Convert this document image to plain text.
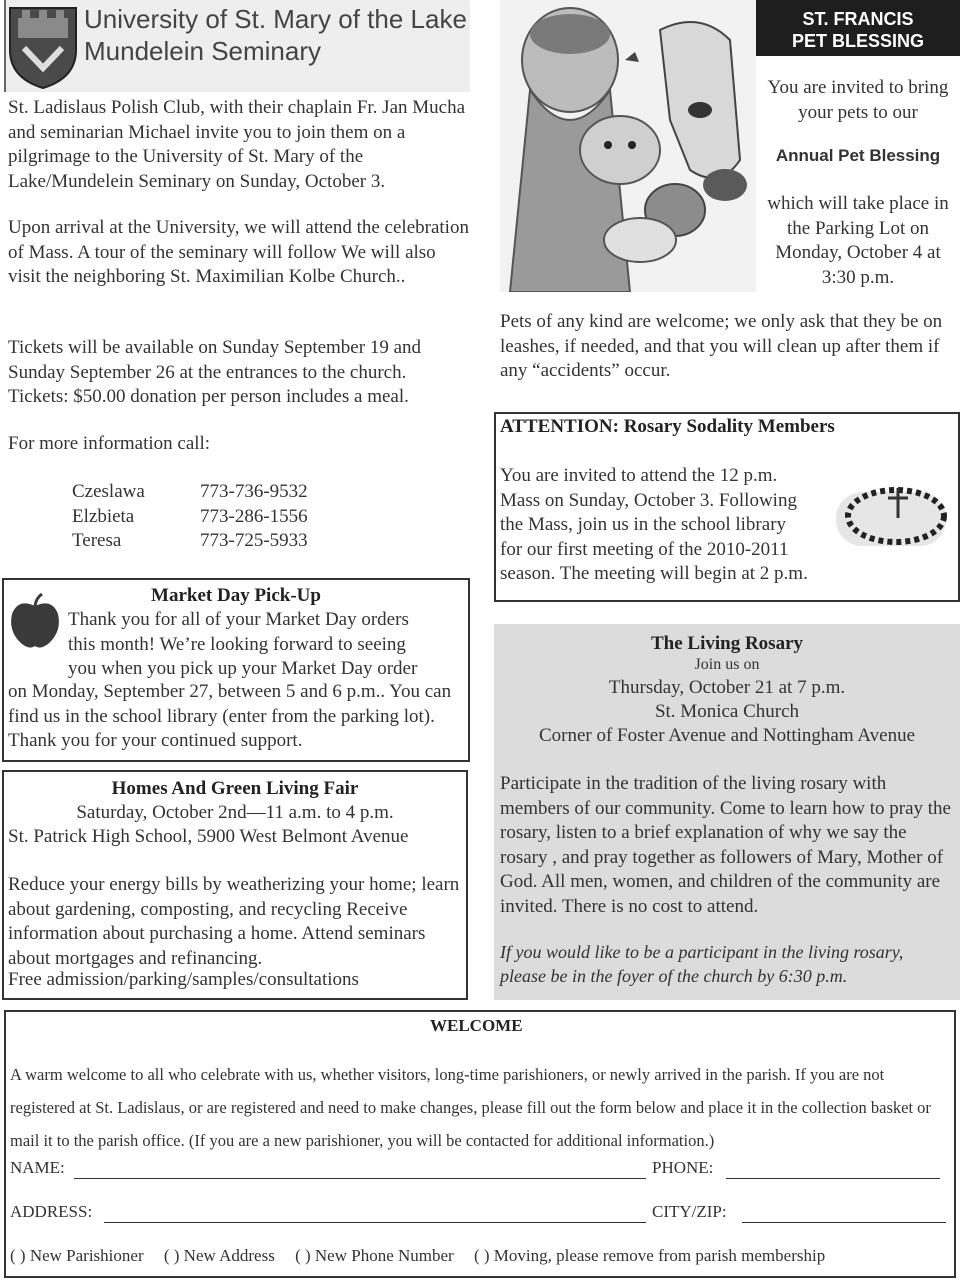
University of St. Mary of the Lake
Mundelein Seminary

St. Ladislaus Polish Club, with their chaplain Fr. Jan Mucha and seminarian Michael invite you to join them on a pilgrimage to the University of St. Mary of the Lake/Mundelein Seminary on Sunday, October 3.

Upon arrival at the University, we will attend the celebration of Mass. A tour of the seminary will follow We will also visit the neighboring St. Maximilian Kolbe Church..

Tickets will be available on Sunday September 19 and Sunday September 26 at the entrances to the church. Tickets: $50.00 donation per person includes a meal.

For more information call:

Czeslawa	773-736-9532
Elzbieta	773-286-1556
Teresa	773-725-5933
ST. FRANCIS
PET BLESSING

You are invited to bring your pets to our

Annual Pet Blessing

which will take place in the Parking Lot on Monday, October 4 at 3:30 p.m.

Pets of any kind are welcome; we only ask that they be on leashes, if needed, and that you will clean up after them if any “accidents” occur.

ATTENTION: Rosary Sodality Members

You are invited to attend the 12 p.m.
Mass on Sunday, October 3. Following
the Mass, join us in the school library
for our first meeting of the 2010-2011
season. The meeting will begin at 2 p.m.

Market Day Pick-Up

Thank you for all of your Market Day orders
this month! We’re looking forward to seeing
you when you pick up your Market Day order

on Monday, September 27, between 5 and 6 p.m.. You can find us in the school library (enter from the parking lot). Thank you for your continued support.

The Living Rosary

Join us on

Thursday, October 21 at 7 p.m.

St. Monica Church

Corner of Foster Avenue and Nottingham Avenue

Participate in the tradition of the living rosary with members of our community. Come to learn how to pray the rosary, listen to a brief explanation of why we say the rosary , and pray together as followers of Mary, Mother of God. All men, women, and children of the community are invited. There is no cost to attend.

If you would like to be a participant in the living rosary, please be in the foyer of the church by 6:30 p.m.

Homes And Green Living Fair

Saturday, October 2nd—11 a.m. to 4 p.m.

St. Patrick High School, 5900 West Belmont Avenue

Reduce your energy bills by weatherizing your home; learn about gardening, composting, and recycling Receive information about purchasing a home. Attend seminars about mortgages and refinancing.

Free admission/parking/samples/consultations

WELCOME

A warm welcome to all who celebrate with us, whether visitors, long-time parishioners, or newly arrived in the parish. If you are not registered at St. Ladislaus, or are registered and need to make changes, please fill out the form below and place it in the collection basket or mail it to the parish office. (If you are a new parishioner, you will be contacted for additional information.)

NAME:	PHONE:
ADDRESS:	CITY/ZIP:
( ) New Parishioner ( ) New Address ( ) New Phone Number ( ) Moving, please remove from parish membership
